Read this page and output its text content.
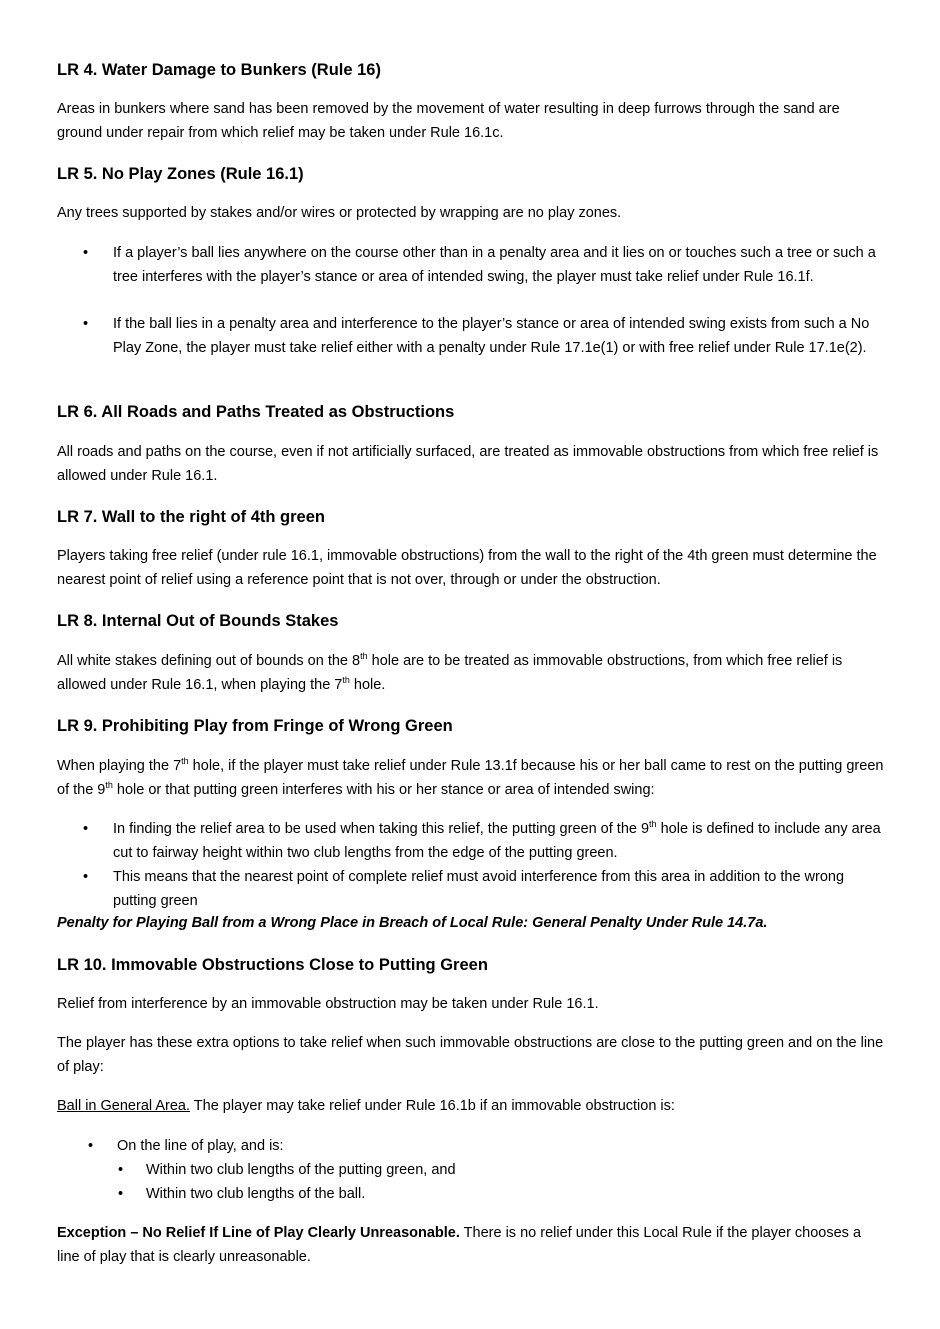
LR 4. Water Damage to Bunkers (Rule 16)
Areas in bunkers where sand has been removed by the movement of water resulting in deep furrows through the sand are ground under repair from which relief may be taken under Rule 16.1c.
LR 5. No Play Zones (Rule 16.1)
Any trees supported by stakes and/or wires or protected by wrapping are no play zones.
• If a player’s ball lies anywhere on the course other than in a penalty area and it lies on or touches such a tree or such a tree interferes with the player’s stance or area of intended swing, the player must take relief under Rule 16.1f.
• If the ball lies in a penalty area and interference to the player’s stance or area of intended swing exists from such a No Play Zone, the player must take relief either with a penalty under Rule 17.1e(1) or with free relief under Rule 17.1e(2).
LR 6. All Roads and Paths Treated as Obstructions
All roads and paths on the course, even if not artificially surfaced, are treated as immovable obstructions from which free relief is allowed under Rule 16.1.
LR 7. Wall to the right of 4th green
Players taking free relief (under rule 16.1, immovable obstructions) from the wall to the right of the 4th green must determine the nearest point of relief using a reference point that is not over, through or under the obstruction.
LR 8. Internal Out of Bounds Stakes
All white stakes defining out of bounds on the 8th hole are to be treated as immovable obstructions, from which free relief is allowed under Rule 16.1, when playing the 7th hole.
LR 9. Prohibiting Play from Fringe of Wrong Green
When playing the 7th hole, if the player must take relief under Rule 13.1f because his or her ball came to rest on the putting green of the 9th hole or that putting green interferes with his or her stance or area of intended swing:
• In finding the relief area to be used when taking this relief, the putting green of the 9th hole is defined to include any area cut to fairway height within two club lengths from the edge of the putting green.
• This means that the nearest point of complete relief must avoid interference from this area in addition to the wrong putting green
Penalty for Playing Ball from a Wrong Place in Breach of Local Rule: General Penalty Under Rule 14.7a.
LR 10. Immovable Obstructions Close to Putting Green
Relief from interference by an immovable obstruction may be taken under Rule 16.1.
The player has these extra options to take relief when such immovable obstructions are close to the putting green and on the line of play:
Ball in General Area. The player may take relief under Rule 16.1b if an immovable obstruction is:
• On the line of play, and is:
• Within two club lengths of the putting green, and
• Within two club lengths of the ball.
Exception – No Relief If Line of Play Clearly Unreasonable. There is no relief under this Local Rule if the player chooses a line of play that is clearly unreasonable.
